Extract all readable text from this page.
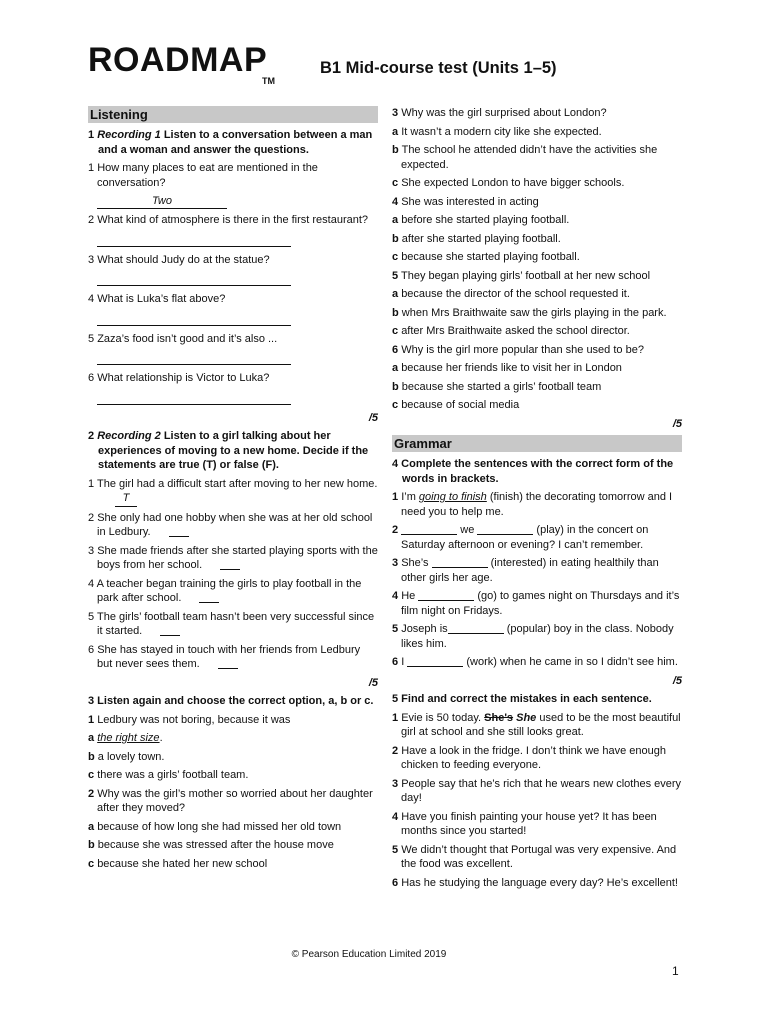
ROADMAP
TM
B1 Mid-course test (Units 1–5)
Listening
1 Recording 1 Listen to a conversation between a man and a woman and answer the questions.
1 How many places to eat are mentioned in the conversation?
Two
2 What kind of atmosphere is there in the first restaurant?
3 What should Judy do at the statue?
4 What is Luka’s flat above?
5 Zaza’s food isn’t good and it’s also ...
6 What relationship is Victor to Luka?
/5
2 Recording 2 Listen to a girl talking about her experiences of moving to a new home. Decide if the statements are true (T) or false (F).
1 The girl had a difficult start after moving to her new home.T
2 She only had one hobby when she was at her old school in Ledbury.
3 She made friends after she started playing sports with the boys from her school.
4 A teacher began training the girls to play football in the park after school.
5 The girls’ football team hasn’t been very successful since it started.
6 She has stayed in touch with her friends from Ledbury but never sees them.
/5
3 Listen again and choose the correct option, a, b or c.
1 Ledbury was not boring, because it was
a the right size.
b a lovely town.
c there was a girls’ football team.
2 Why was the girl’s mother so worried about her daughter after they moved?
a because of how long she had missed her old town
b because she was stressed after the house move
c because she hated her new school
3 Why was the girl surprised about London?
a It wasn’t a modern city like she expected.
b The school he attended didn’t have the activities she expected.
c She expected London to have bigger schools.
4 She was interested in acting
a before she started playing football.
b after she started playing football.
c because she started playing football.
5 They began playing girls’ football at her new school
a because the director of the school requested it.
b when Mrs Braithwaite saw the girls playing in the park.
c after Mrs Braithwaite asked the school director.
6 Why is the girl more popular than she used to be?
a because her friends like to visit her in London
b because she started a girls’ football team
c because of social media
/5
Grammar
4 Complete the sentences with the correct form of the words in brackets.
1 I’m going to finish (finish) the decorating tomorrow and I need you to help me.
2	we	(play) in the concert on Saturday afternoon or evening? I can’t remember.
3 She’s	(interested) in eating healthily than other girls her age.
4 He	(go) to games night on Thursdays and it’s film night on Fridays.
5 Joseph is	(popular) boy in the class. Nobody likes him.
6 I	(work) when he came in so I didn’t see him.
/5
5 Find and correct the mistakes in each sentence.
1 Evie is 50 today. She's She used to be the most beautiful girl at school and she still looks great.
2 Have a look in the fridge. I don’t think we have enough chicken to feeding everyone.
3 People say that he’s rich that he wears new clothes every day!
4 Have you finish painting your house yet? It has been months since you started!
5 We didn’t thought that Portugal was very expensive. And the food was excellent.
6 Has he studying the language every day? He’s excellent!
© Pearson Education Limited 2019
1
